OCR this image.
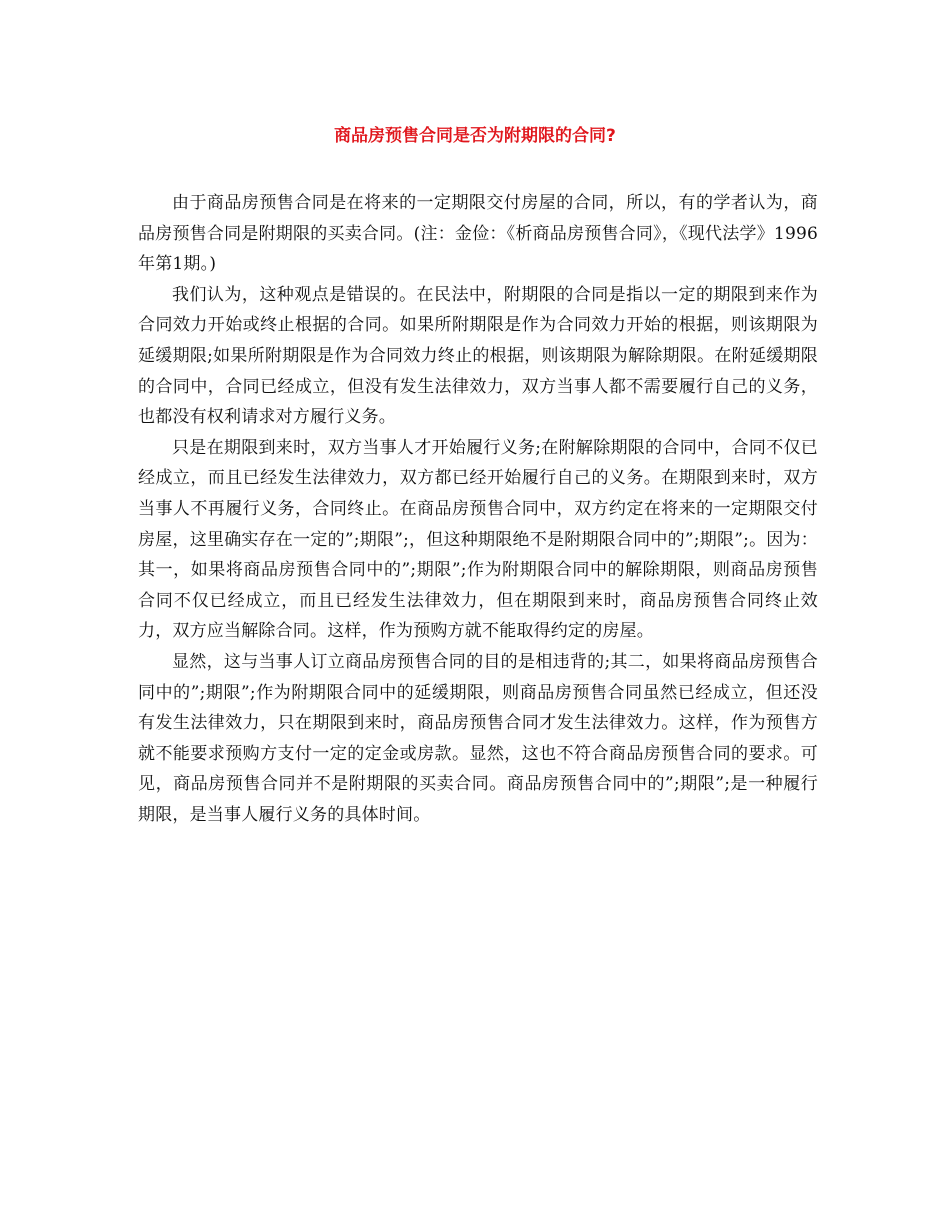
商品房预售合同是否为附期限的合同?

由于商品房预售合同是在将来的一定期限交付房屋的合同，所以，有的学者认为，商品房预售合同是附期限的买卖合同。(注：金俭：《析商品房预售合同》，《现代法学》1996年第1期。)

我们认为，这种观点是错误的。在民法中，附期限的合同是指以一定的期限到来作为合同效力开始或终止根据的合同。如果所附期限是作为合同效力开始的根据，则该期限为延缓期限;如果所附期限是作为合同效力终止的根据，则该期限为解除期限。在附延缓期限的合同中，合同已经成立，但没有发生法律效力，双方当事人都不需要履行自己的义务，也都没有权利请求对方履行义务。

只是在期限到来时，双方当事人才开始履行义务;在附解除期限的合同中，合同不仅已经成立，而且已经发生法律效力，双方都已经开始履行自己的义务。在期限到来时，双方当事人不再履行义务，合同终止。在商品房预售合同中，双方约定在将来的一定期限交付房屋，这里确实存在一定的”;期限”;，但这种期限绝不是附期限合同中的”;期限”;。因为：其一，如果将商品房预售合同中的”;期限”;作为附期限合同中的解除期限，则商品房预售合同不仅已经成立，而且已经发生法律效力，但在期限到来时，商品房预售合同终止效力，双方应当解除合同。这样，作为预购方就不能取得约定的房屋。

显然，这与当事人订立商品房预售合同的目的是相违背的;其二，如果将商品房预售合同中的”;期限”;作为附期限合同中的延缓期限，则商品房预售合同虽然已经成立，但还没有发生法律效力，只在期限到来时，商品房预售合同才发生法律效力。这样，作为预售方就不能要求预购方支付一定的定金或房款。显然，这也不符合商品房预售合同的要求。可见，商品房预售合同并不是附期限的买卖合同。商品房预售合同中的”;期限”;是一种履行期限，是当事人履行义务的具体时间。
